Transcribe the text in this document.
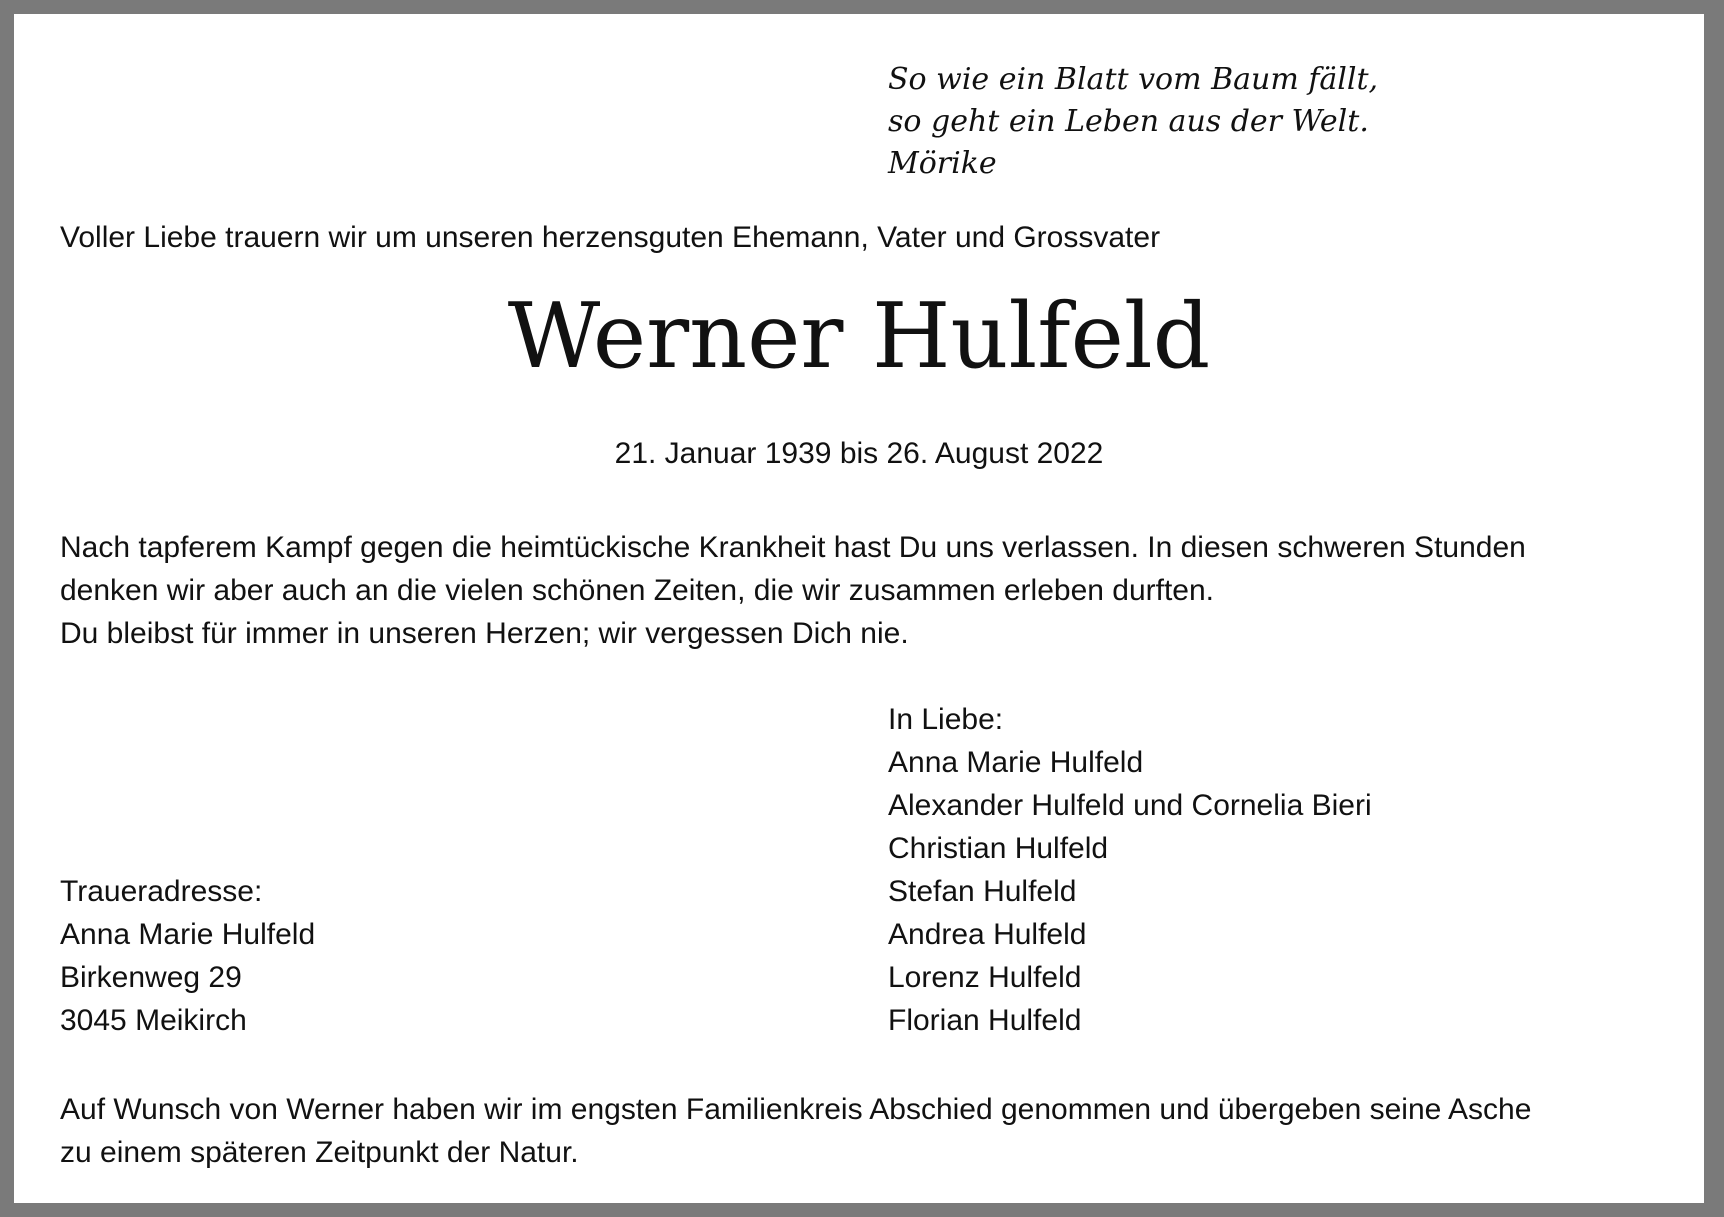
So wie ein Blatt vom Baum fällt,
so geht ein Leben aus der Welt.
Mörike
Voller Liebe trauern wir um unseren herzensguten Ehemann, Vater und Grossvater
Werner Hulfeld
21. Januar 1939 bis 26. August 2022
Nach tapferem Kampf gegen die heimtückische Krankheit hast Du uns verlassen. In diesen schweren Stunden
denken wir aber auch an die vielen schönen Zeiten, die wir zusammen erleben durften.
Du bleibst für immer in unseren Herzen; wir vergessen Dich nie.
In Liebe:
Anna Marie Hulfeld
Alexander Hulfeld und Cornelia Bieri
Christian Hulfeld
Stefan Hulfeld
Andrea Hulfeld
Lorenz Hulfeld
Florian Hulfeld
Traueradresse:
Anna Marie Hulfeld
Birkenweg 29
3045 Meikirch
Auf Wunsch von Werner haben wir im engsten Familienkreis Abschied genommen und übergeben seine Asche
zu einem späteren Zeitpunkt der Natur.
